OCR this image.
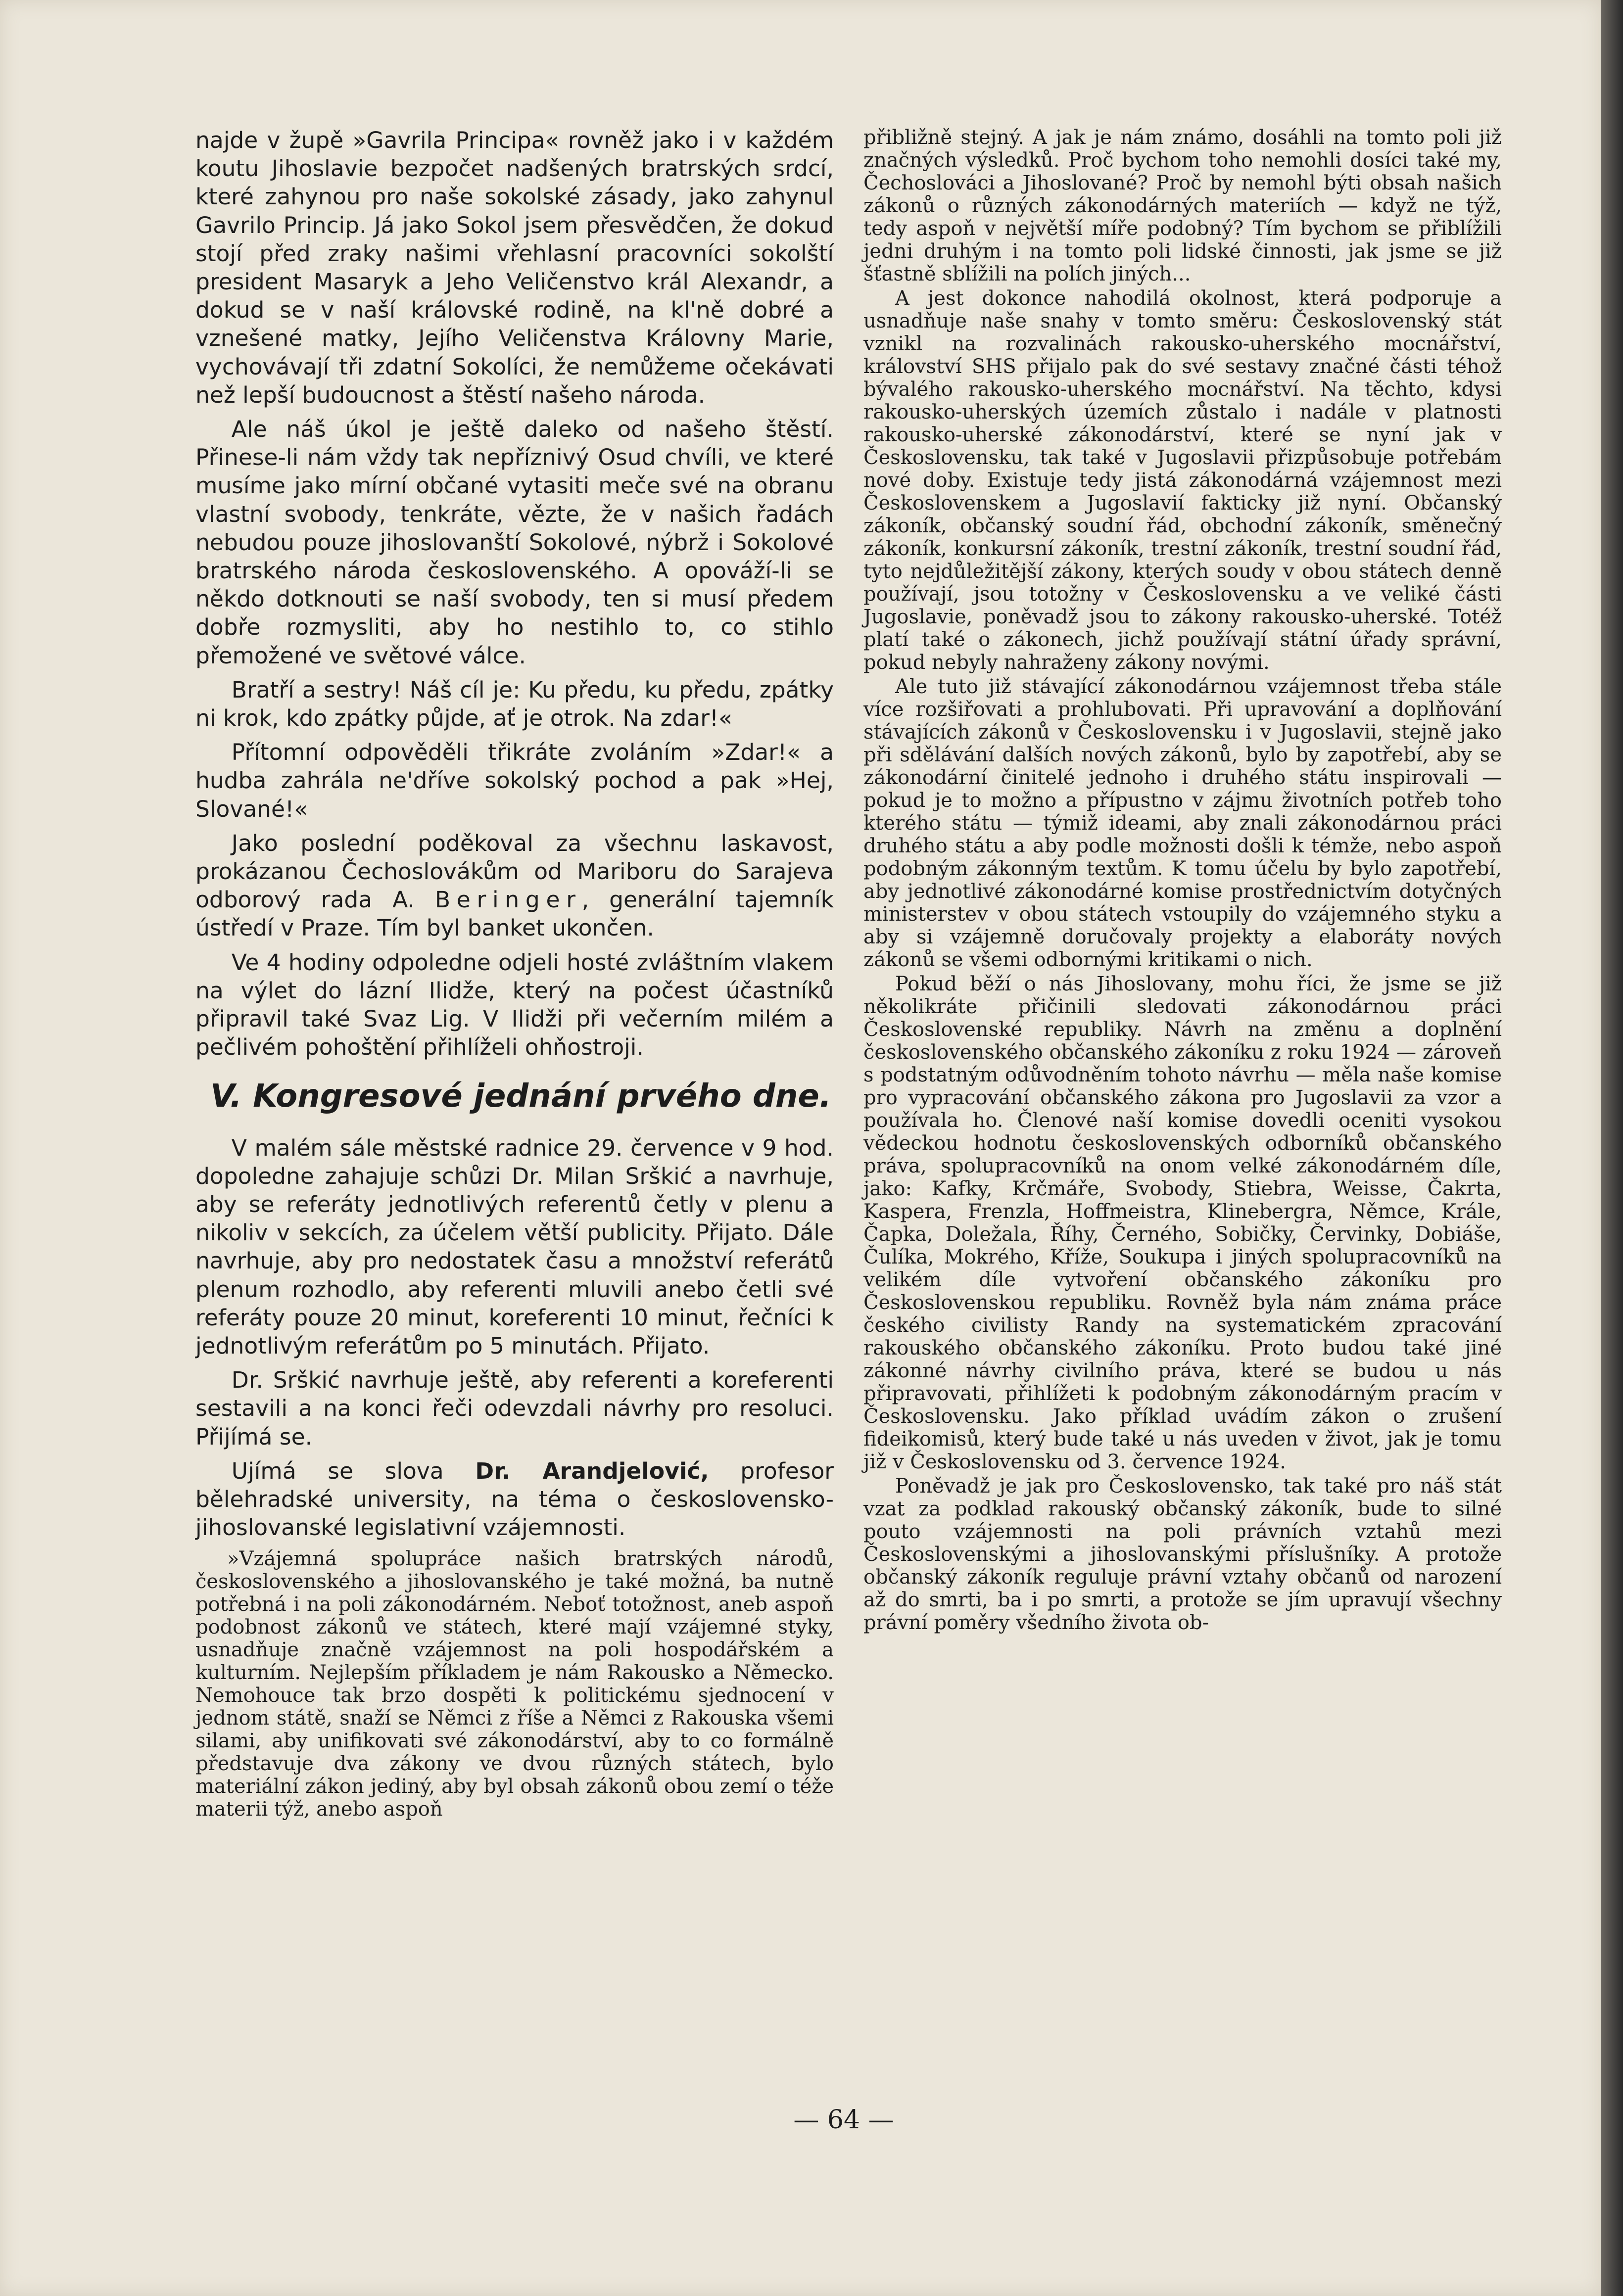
najde v župě »Gavrila Principa« rovněž jako i v každém koutu Jihoslavie bezpočet nadšených bratrských srdcí, které zahynou pro naše sokolské zásady, jako zahynul Gavrilo Princip. Já jako Sokol jsem přesvědčen, že dokud stojí před zraky našimi vřehlasní pracovníci sokolští president Masaryk a Jeho Veličenstvo král Alexandr, a dokud se v naší královské rodině, na kl'ně dobré a vznešené matky, Jejího Veličenstva Královny Marie, vychovávají tři zdatní Sokolíci, že nemůžeme očekávati než lepší budoucnost a štěstí našeho národa.

Ale náš úkol je ještě daleko od našeho štěstí. Přinese-li nám vždy tak nepříznivý Osud chvíli, ve které musíme jako mírní občané vytasiti meče své na obranu vlastní svobody, tenkráte, vězte, že v našich řadách nebudou pouze jihoslovanští Sokolové, nýbrž i Sokolové bratrského národa československého. A opováží-li se někdo dotknouti se naší svobody, ten si musí předem dobře rozmysliti, aby ho nestihlo to, co stihlo přemožené ve světové válce.

Bratří a sestry! Náš cíl je: Ku předu, ku předu, zpátky ni krok, kdo zpátky půjde, ať je otrok. Na zdar!«

Přítomní odpověděli třikráte zvoláním »Zdar!« a hudba zahrála ne'dříve sokolský pochod a pak »Hej, Slované!«

Jako poslední poděkoval za všechnu laskavost, prokázanou Čechoslovákům od Mariboru do Sarajeva odborový rada A. Beringer, generální tajemník ústředí v Praze. Tím byl banket ukončen.

Ve 4 hodiny odpoledne odjeli hosté zvláštním vlakem na výlet do lázní Ilidže, který na počest účastníků připravil také Svaz Lig. V Ilidži při večerním milém a pečlivém pohoštění přihlíželi ohňostroji.

V. Kongresové jednání prvého dne.

V malém sále městské radnice 29. července v 9 hod. dopoledne zahajuje schůzi Dr. Milan Srškić a navrhuje, aby se referáty jednotlivých referentů četly v plenu a nikoliv v sekcích, za účelem větší publicity. Přijato. Dále navrhuje, aby pro nedostatek času a množství referátů plenum rozhodlo, aby referenti mluvili anebo četli své referáty pouze 20 minut, koreferenti 10 minut, řečníci k jednotlivým referátům po 5 minutách. Přijato.

Dr. Srškić navrhuje ještě, aby referenti a koreferenti sestavili a na konci řeči odevzdali návrhy pro resoluci. Přijímá se.

Ujímá se slova Dr. Arandjelović, profesor bělehradské university, na téma o československo-jihoslovanské legislativní vzájemnosti.

»Vzájemná spolupráce našich bratrských národů, československého a jihoslovanského je také možná, ba nutně potřebná i na poli zákonodárném. Neboť totožnost, aneb aspoň podobnost zákonů ve státech, které mají vzájemné styky, usnadňuje značně vzájemnost na poli hospodářském a kulturním. Nejlepším příkladem je nám Rakousko a Německo. Nemohouce tak brzo dospěti k politickému sjednocení v jednom státě, snaží se Němci z říše a Němci z Rakouska všemi silami, aby unifikovati své zákonodárství, aby to co formálně představuje dva zákony ve dvou různých státech, bylo materiální zákon jediný, aby byl obsah zákonů obou zemí o téže materii týž, anebo aspoň

přibližně stejný. A jak je nám známo, dosáhli na tomto poli již značných výsledků. Proč bychom toho nemohli dosíci také my, Čechoslováci a Jihoslované? Proč by nemohl býti obsah našich zákonů o různých zákonodárných materiích — když ne týž, tedy aspoň v největší míře podobný? Tím bychom se přiblížili jedni druhým i na tomto poli lidské činnosti, jak jsme se již šťastně sblížili na polích jiných...

A jest dokonce nahodilá okolnost, která podporuje a usnadňuje naše snahy v tomto směru: Československý stát vznikl na rozvalinách rakousko-uherského mocnářství, království SHS přijalo pak do své sestavy značné části téhož bývalého rakousko-uherského mocnářství. Na těchto, kdysi rakousko-uherských územích zůstalo i nadále v platnosti rakousko-uherské zákonodárství, které se nyní jak v Československu, tak také v Jugoslavii přizpůsobuje potřebám nové doby. Existuje tedy jistá zákonodárná vzájemnost mezi Československem a Jugoslavií fakticky již nyní. Občanský zákoník, občanský soudní řád, obchodní zákoník, směnečný zákoník, konkursní zákoník, trestní zákoník, trestní soudní řád, tyto nejdůležitější zákony, kterých soudy v obou státech denně používají, jsou totožny v Československu a ve veliké části Jugoslavie, poněvadž jsou to zákony rakousko-uherské. Totéž platí také o zákonech, jichž používají státní úřady správní, pokud nebyly nahraženy zákony novými.

Ale tuto již stávající zákonodárnou vzájemnost třeba stále více rozšiřovati a prohlubovati. Při upravování a doplňování stávajících zákonů v Československu i v Jugoslavii, stejně jako při sdělávání dalších nových zákonů, bylo by zapotřebí, aby se zákonodární činitelé jednoho i druhého státu inspirovali — pokud je to možno a přípustno v zájmu životních potřeb toho kterého státu — týmiž ideami, aby znali zákonodárnou práci druhého státu a aby podle možnosti došli k témže, nebo aspoň podobným zákonným textům. K tomu účelu by bylo zapotřebí, aby jednotlivé zákonodárné komise prostřednictvím dotyčných ministerstev v obou státech vstoupily do vzájemného styku a aby si vzájemně doručovaly projekty a elaboráty nových zákonů se všemi odbornými kritikami o nich.

Pokud běží o nás Jihoslovany, mohu říci, že jsme se již několikráte přičinili sledovati zákonodárnou práci Československé republiky. Návrh na změnu a doplnění československého občanského zákoníku z roku 1924 — zároveň s podstatným odůvodněním tohoto návrhu — měla naše komise pro vypracování občanského zákona pro Jugoslavii za vzor a používala ho. Členové naší komise dovedli oceniti vysokou vědeckou hodnotu československých odborníků občanského práva, spolupracovníků na onom velké zákonodárném díle, jako: Kafky, Krčmáře, Svobody, Stiebra, Weisse, Čakrta, Kaspera, Frenzla, Hoffmeistra, Klinebergra, Němce, Krále, Čapka, Doležala, Říhy, Černého, Sobičky, Červinky, Dobiáše, Čulíka, Mokrého, Kříže, Soukupa i jiných spolupracovníků na velikém díle vytvoření občanského zákoníku pro Československou republiku. Rovněž byla nám známa práce českého civilisty Randy na systematickém zpracování rakouského občanského zákoníku. Proto budou také jiné zákonné návrhy civilního práva, které se budou u nás připravovati, přihlížeti k podobným zákonodárným pracím v Československu. Jako příklad uvádím zákon o zrušení fideikomisů, který bude také u nás uveden v život, jak je tomu již v Československu od 3. července 1924.

Poněvadž je jak pro Československo, tak také pro náš stát vzat za podklad rakouský občanský zákoník, bude to silné pouto vzájemnosti na poli právních vztahů mezi Československými a jihoslovanskými příslušníky. A protože občanský zákoník reguluje právní vztahy občanů od narození až do smrti, ba i po smrti, a protože se jím upravují všechny právní poměry všedního života ob-

— 64 —
